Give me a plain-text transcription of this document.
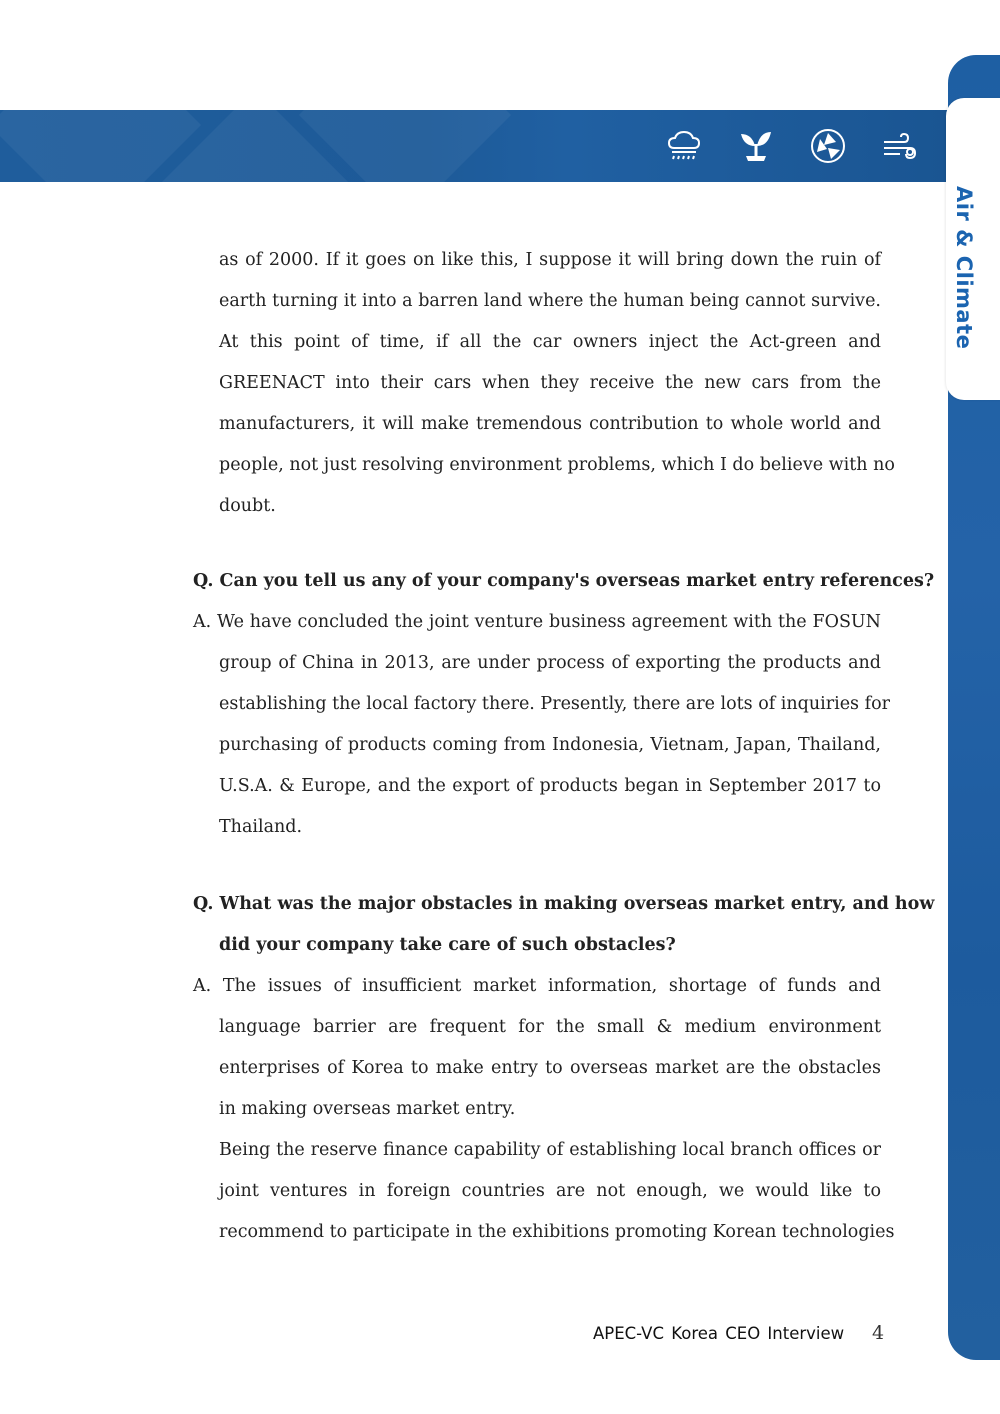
Air & Climate
as of 2000. If it goes on like this, I suppose it will bring down the ruin of
earth turning it into a barren land where the human being cannot survive.
At this point of time, if all the car owners inject the Act-green and
GREENACT into their cars when they receive the new cars from the
manufacturers, it will make tremendous contribution to whole world and
people, not just resolving environment problems, which I do believe with no
doubt.
Q. Can you tell us any of your company's overseas market entry references?
A. We have concluded the joint venture business agreement with the FOSUN
group of China in 2013, are under process of exporting the products and
establishing the local factory there. Presently, there are lots of inquiries for
purchasing of products coming from Indonesia, Vietnam, Japan, Thailand,
U.S.A. & Europe, and the export of products began in September 2017 to
Thailand.
Q. What was the major obstacles in making overseas market entry, and how
did your company take care of such obstacles?
A. The issues of insufficient market information, shortage of funds and
language barrier are frequent for the small & medium environment
enterprises of Korea to make entry to overseas market are the obstacles
in making overseas market entry.
Being the reserve finance capability of establishing local branch offices or
joint ventures in foreign countries are not enough, we would like to
recommend to participate in the exhibitions promoting Korean technologies
APEC-VC Korea CEO Interview 4
